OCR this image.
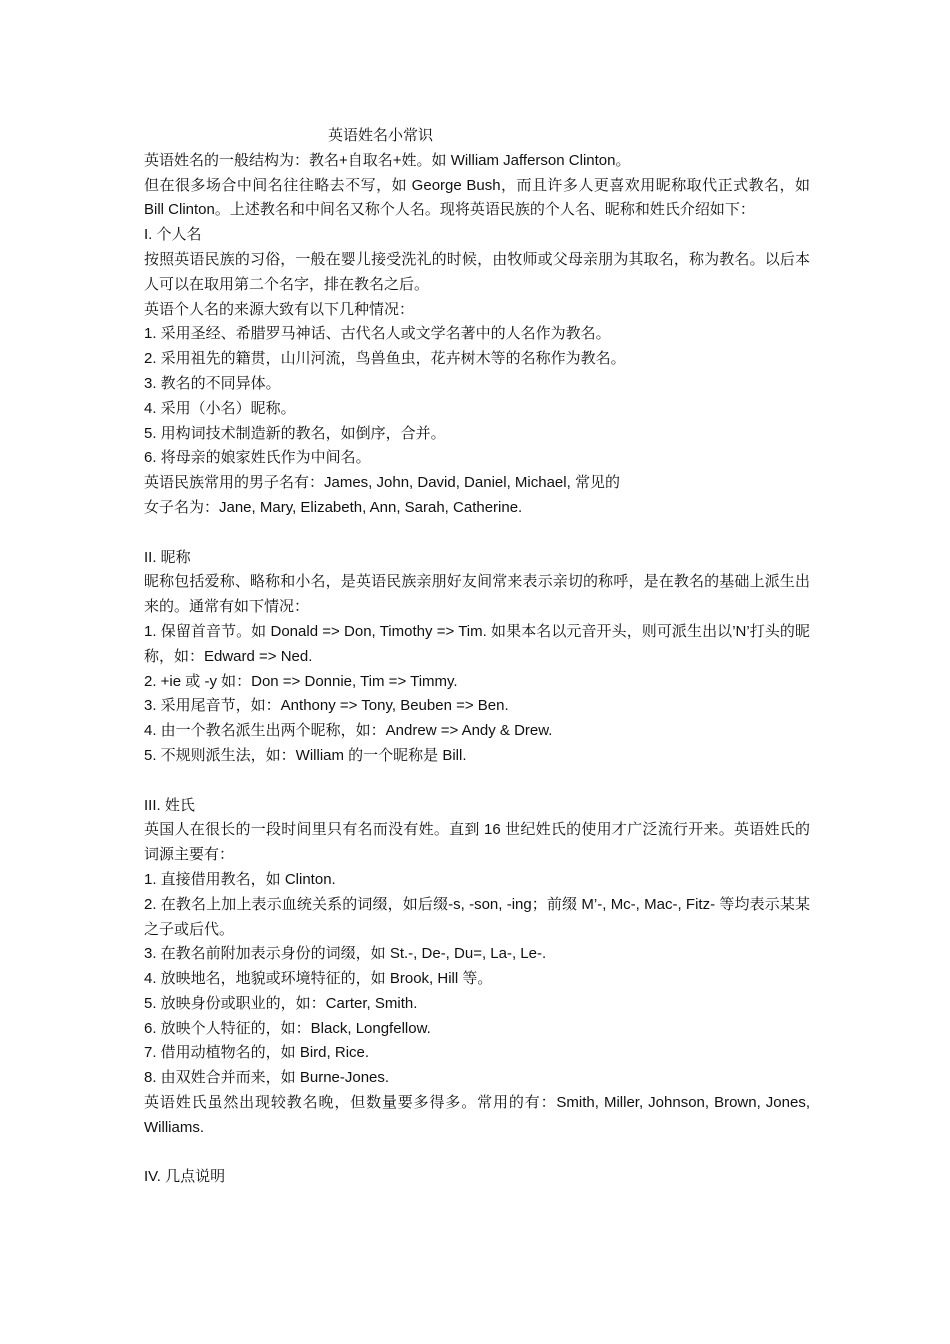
英语姓名小常识

英语姓名的一般结构为：教名+自取名+姓。如 William Jafferson Clinton。

但在很多场合中间名往往略去不写，如 George Bush，而且许多人更喜欢用昵称取代正式教名，如 Bill Clinton。上述教名和中间名又称个人名。现将英语民族的个人名、昵称和姓氏介绍如下：

I. 个人名

按照英语民族的习俗，一般在婴儿接受洗礼的时候，由牧师或父母亲朋为其取名，称为教名。以后本人可以在取用第二个名字，排在教名之后。

英语个人名的来源大致有以下几种情况：

1. 采用圣经、希腊罗马神话、古代名人或文学名著中的人名作为教名。

2. 采用祖先的籍贯，山川河流，鸟兽鱼虫，花卉树木等的名称作为教名。

3. 教名的不同异体。

4. 采用（小名）昵称。

5. 用构词技术制造新的教名，如倒序，合并。

6. 将母亲的娘家姓氏作为中间名。

英语民族常用的男子名有：James, John, David, Daniel, Michael, 常见的

女子名为：Jane, Mary, Elizabeth, Ann, Sarah, Catherine.

II. 昵称

昵称包括爱称、略称和小名，是英语民族亲朋好友间常来表示亲切的称呼，是在教名的基础上派生出来的。通常有如下情况：

1. 保留首音节。如 Donald => Don, Timothy => Tim. 如果本名以元音开头，则可派生出以’N’打头的昵称，如：Edward => Ned.

2. +ie 或 -y 如：Don => Donnie, Tim => Timmy.

3. 采用尾音节，如：Anthony => Tony, Beuben => Ben.

4. 由一个教名派生出两个昵称，如：Andrew => Andy & Drew.

5. 不规则派生法，如：William 的一个昵称是 Bill.

III. 姓氏

英国人在很长的一段时间里只有名而没有姓。直到 16 世纪姓氏的使用才广泛流行开来。英语姓氏的词源主要有：

1. 直接借用教名，如 Clinton.

2. 在教名上加上表示血统关系的词缀，如后缀-s, -son, -ing；前缀 M’-, Mc-, Mac-, Fitz- 等均表示某某之子或后代。

3. 在教名前附加表示身份的词缀，如 St.-, De-, Du=, La-, Le-.

4. 放映地名，地貌或环境特征的，如 Brook, Hill 等。

5. 放映身份或职业的，如：Carter, Smith.

6. 放映个人特征的，如：Black, Longfellow.

7. 借用动植物名的，如 Bird, Rice.

8. 由双姓合并而来，如 Burne-Jones.

英语姓氏虽然出现较教名晚，但数量要多得多。常用的有：Smith, Miller, Johnson, Brown, Jones, Williams.

IV. 几点说明
